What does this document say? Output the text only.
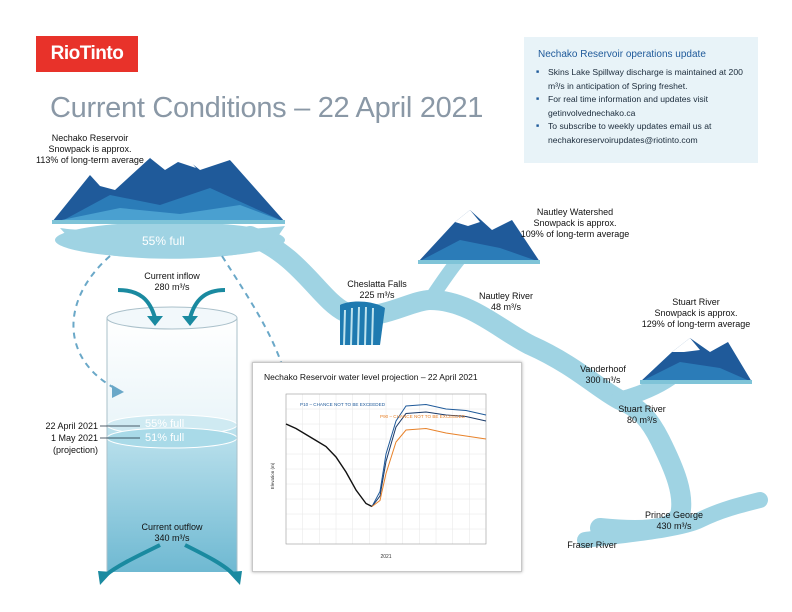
RioTinto
Current Conditions – 22 April 2021
Nechako Reservoir operations update
■ Skins Lake Spillway discharge is maintained at 200 m³/s in anticipation of Spring freshet.
■ For real time information and updates visit getinvolvednechako.ca
■ To subscribe to weekly updates email us at nechakoreservoirupdates@riotinto.com
Nechako Reservoir
Snowpack is approx.
113% of long-term average
55% full
Current inflow
280 m³/s
22 April 2021
1 May 2021
(projection)
55% full
51% full
Current outflow
340 m³/s
Cheslatta Falls
225 m³/s
Nautley Watershed
Snowpack is approx.
109% of long-term average
Nautley River
48 m³/s	Stuart River
Snowpack is approx.
129% of long-term average
Vanderhoof
300 m³/s
Stuart River
80 m³/s
Prince George
430 m³/s
Fraser River
Nechako Reservoir water level projection – 22 April 2021
P10 – CHANCE NOT TO BE EXCEEDED
P90 – CHANCE NOT TO BE EXCEEDED
2021
Elevation (m)
